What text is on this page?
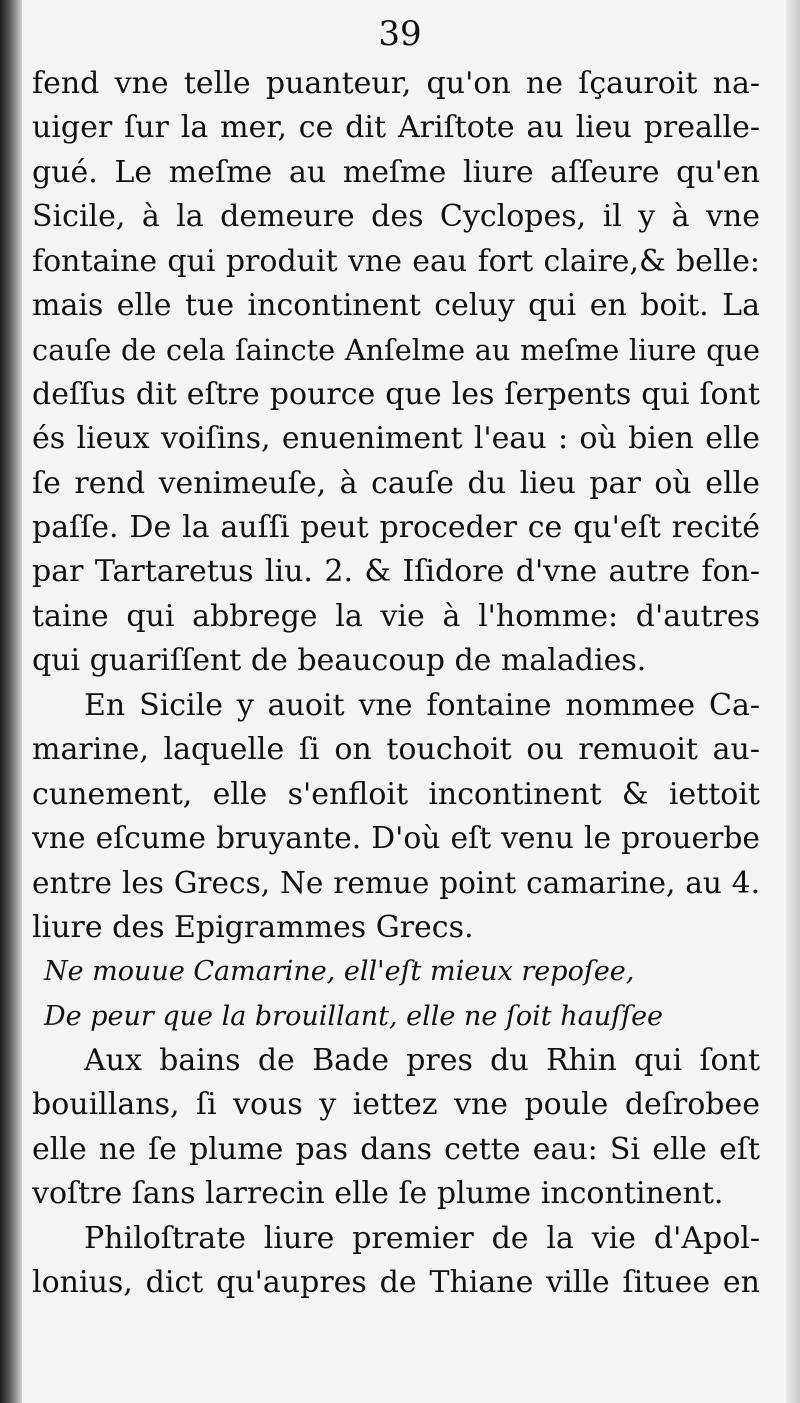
39
fend vne telle puanteur, qu'on ne ſçauroit na-
uiger ſur la mer, ce dit Ariſtote au lieu prealle-
gué. Le meſme au meſme liure aſſeure qu'en
Sicile, à la demeure des Cyclopes, il y à vne
fontaine qui produit vne eau fort claire,& belle:
mais elle tue incontinent celuy qui en boit. La
cauſe de cela ſaincte Anſelme au meſme liure que
deſſus dit eſtre pource que les ſerpents qui ſont
és lieux voiſins, enueniment l'eau : où bien elle
ſe rend venimeuſe, à cauſe du lieu par où elle
paſſe. De la auſſi peut proceder ce qu'eſt recité
par Tartaretus liu. 2. & Iſidore d'vne autre fon-
taine qui abbrege la vie à l'homme: d'autres
qui guariſſent de beaucoup de maladies.
En Sicile y auoit vne fontaine nommee Ca-
marine, laquelle ſi on touchoit ou remuoit au-
cunement, elle s'enfloit incontinent & iettoit
vne eſcume bruyante. D'où eſt venu le prouerbe
entre les Grecs, Ne remue point camarine, au 4.
liure des Epigrammes Grecs.
Ne mouue Camarine, ell'eſt mieux repoſee,
De peur que la brouillant, elle ne ſoit hauſſee
Aux bains de Bade pres du Rhin qui ſont
bouillans, ſi vous y iettez vne poule deſrobee
elle ne ſe plume pas dans cette eau: Si elle eſt
voſtre ſans larrecin elle ſe plume incontinent.
Philoſtrate liure premier de la vie d'Apol-
lonius, dict qu'aupres de Thiane ville ſituee en
